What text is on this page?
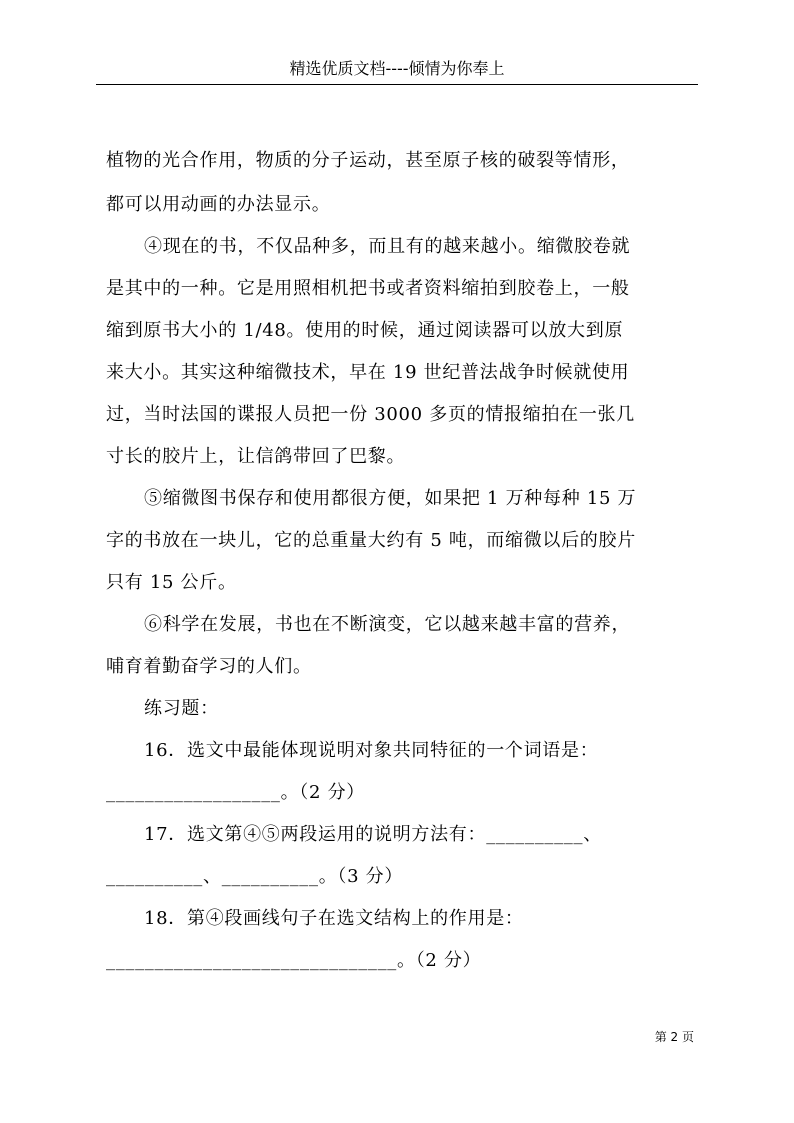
精选优质文档----倾情为你奉上
植物的光合作用，物质的分子运动，甚至原子核的破裂等情形，
都可以用动画的办法显示。
④现在的书，不仅品种多，而且有的越来越小。缩微胶卷就
是其中的一种。它是用照相机把书或者资料缩拍到胶卷上，一般
缩到原书大小的 1/48。使用的时候，通过阅读器可以放大到原
来大小。其实这种缩微技术，早在 19 世纪普法战争时候就使用
过，当时法国的谍报人员把一份 3000 多页的情报缩拍在一张几
寸长的胶片上，让信鸽带回了巴黎。
⑤缩微图书保存和使用都很方便，如果把 1 万种每种 15 万
字的书放在一块儿，它的总重量大约有 5 吨，而缩微以后的胶片
只有 15 公斤。
⑥科学在发展，书也在不断演变，它以越来越丰富的营养，
哺育着勤奋学习的人们。
练习题：
16．选文中最能体现说明对象共同特征的一个词语是：
__________________。（2 分）
17．选文第④⑤两段运用的说明方法有：__________、
__________、__________。（3 分）
18．第④段画线句子在选文结构上的作用是：
______________________________。（2 分）
第 2 页
